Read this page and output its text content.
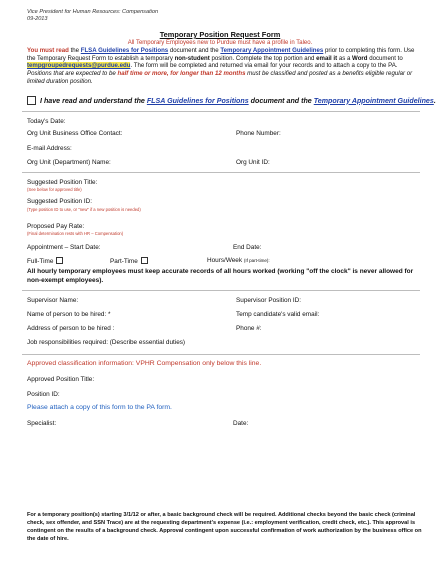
Vice President for Human Resources: Compensation
09-2013
Temporary Position Request Form
All Temporary Employees new to Purdue must have a profile in Taleo.
You must read the FLSA Guidelines for Positions document and the Temporary Appointment Guidelines prior to completing this form. Use the Temporary Request Form to establish a temporary non-student position. Complete the top portion and email it as a Word document to tempgroupedrequests@purdue.edu. The form will be completed and returned via email for your records and to attach a copy to the PA. Positions that are expected to be half time or more, for longer than 12 months must be classified and posted as a benefits eligible regular or limited duration position.
I have read and understand the
FLSA Guidelines for Positions
document and the
Temporary Appointment Guidelines .
Today's Date:
Org Unit Business Office Contact:	Phone Number:
E-mail Address:
Org Unit (Department) Name:	Org Unit ID:
Suggested Position Title:
(See below for approved title)
Suggested Position ID:
(Type position ID to use, or "new" if a new position is needed)
Proposed Pay Rate:
(Final determination rests with HR – Compensation)
Appointment – Start Date:	End Date:
Full-Time	Part-Time	Hours/Week (If part-time):
All hourly temporary employees must keep accurate records of all hours worked (working "off the clock" is never allowed for non-exempt employees).
Supervisor Name:	Supervisor Position ID:
Name of person to be hired: *	Temp candidate's valid email:
Address of person to be hired :	Phone #:
Job responsibilities required: (Describe essential duties)
Approved classification information: VPHR Compensation only below this line.
Approved Position Title:
Position ID:
Please attach a copy of this form to the PA form.
Specialist:	Date:
For a temporary position(s) starting 3/1/12 or after, a basic background check will be required. Additional checks beyond the basic check (criminal check, sex offender, and SSN Trace) are at the requesting department's expense (i.e.: employment verification, credit check, etc.). This approval is contingent on the results of a background check. Approval contingent upon successful confirmation of work authorization by the business office on the date of hire.
